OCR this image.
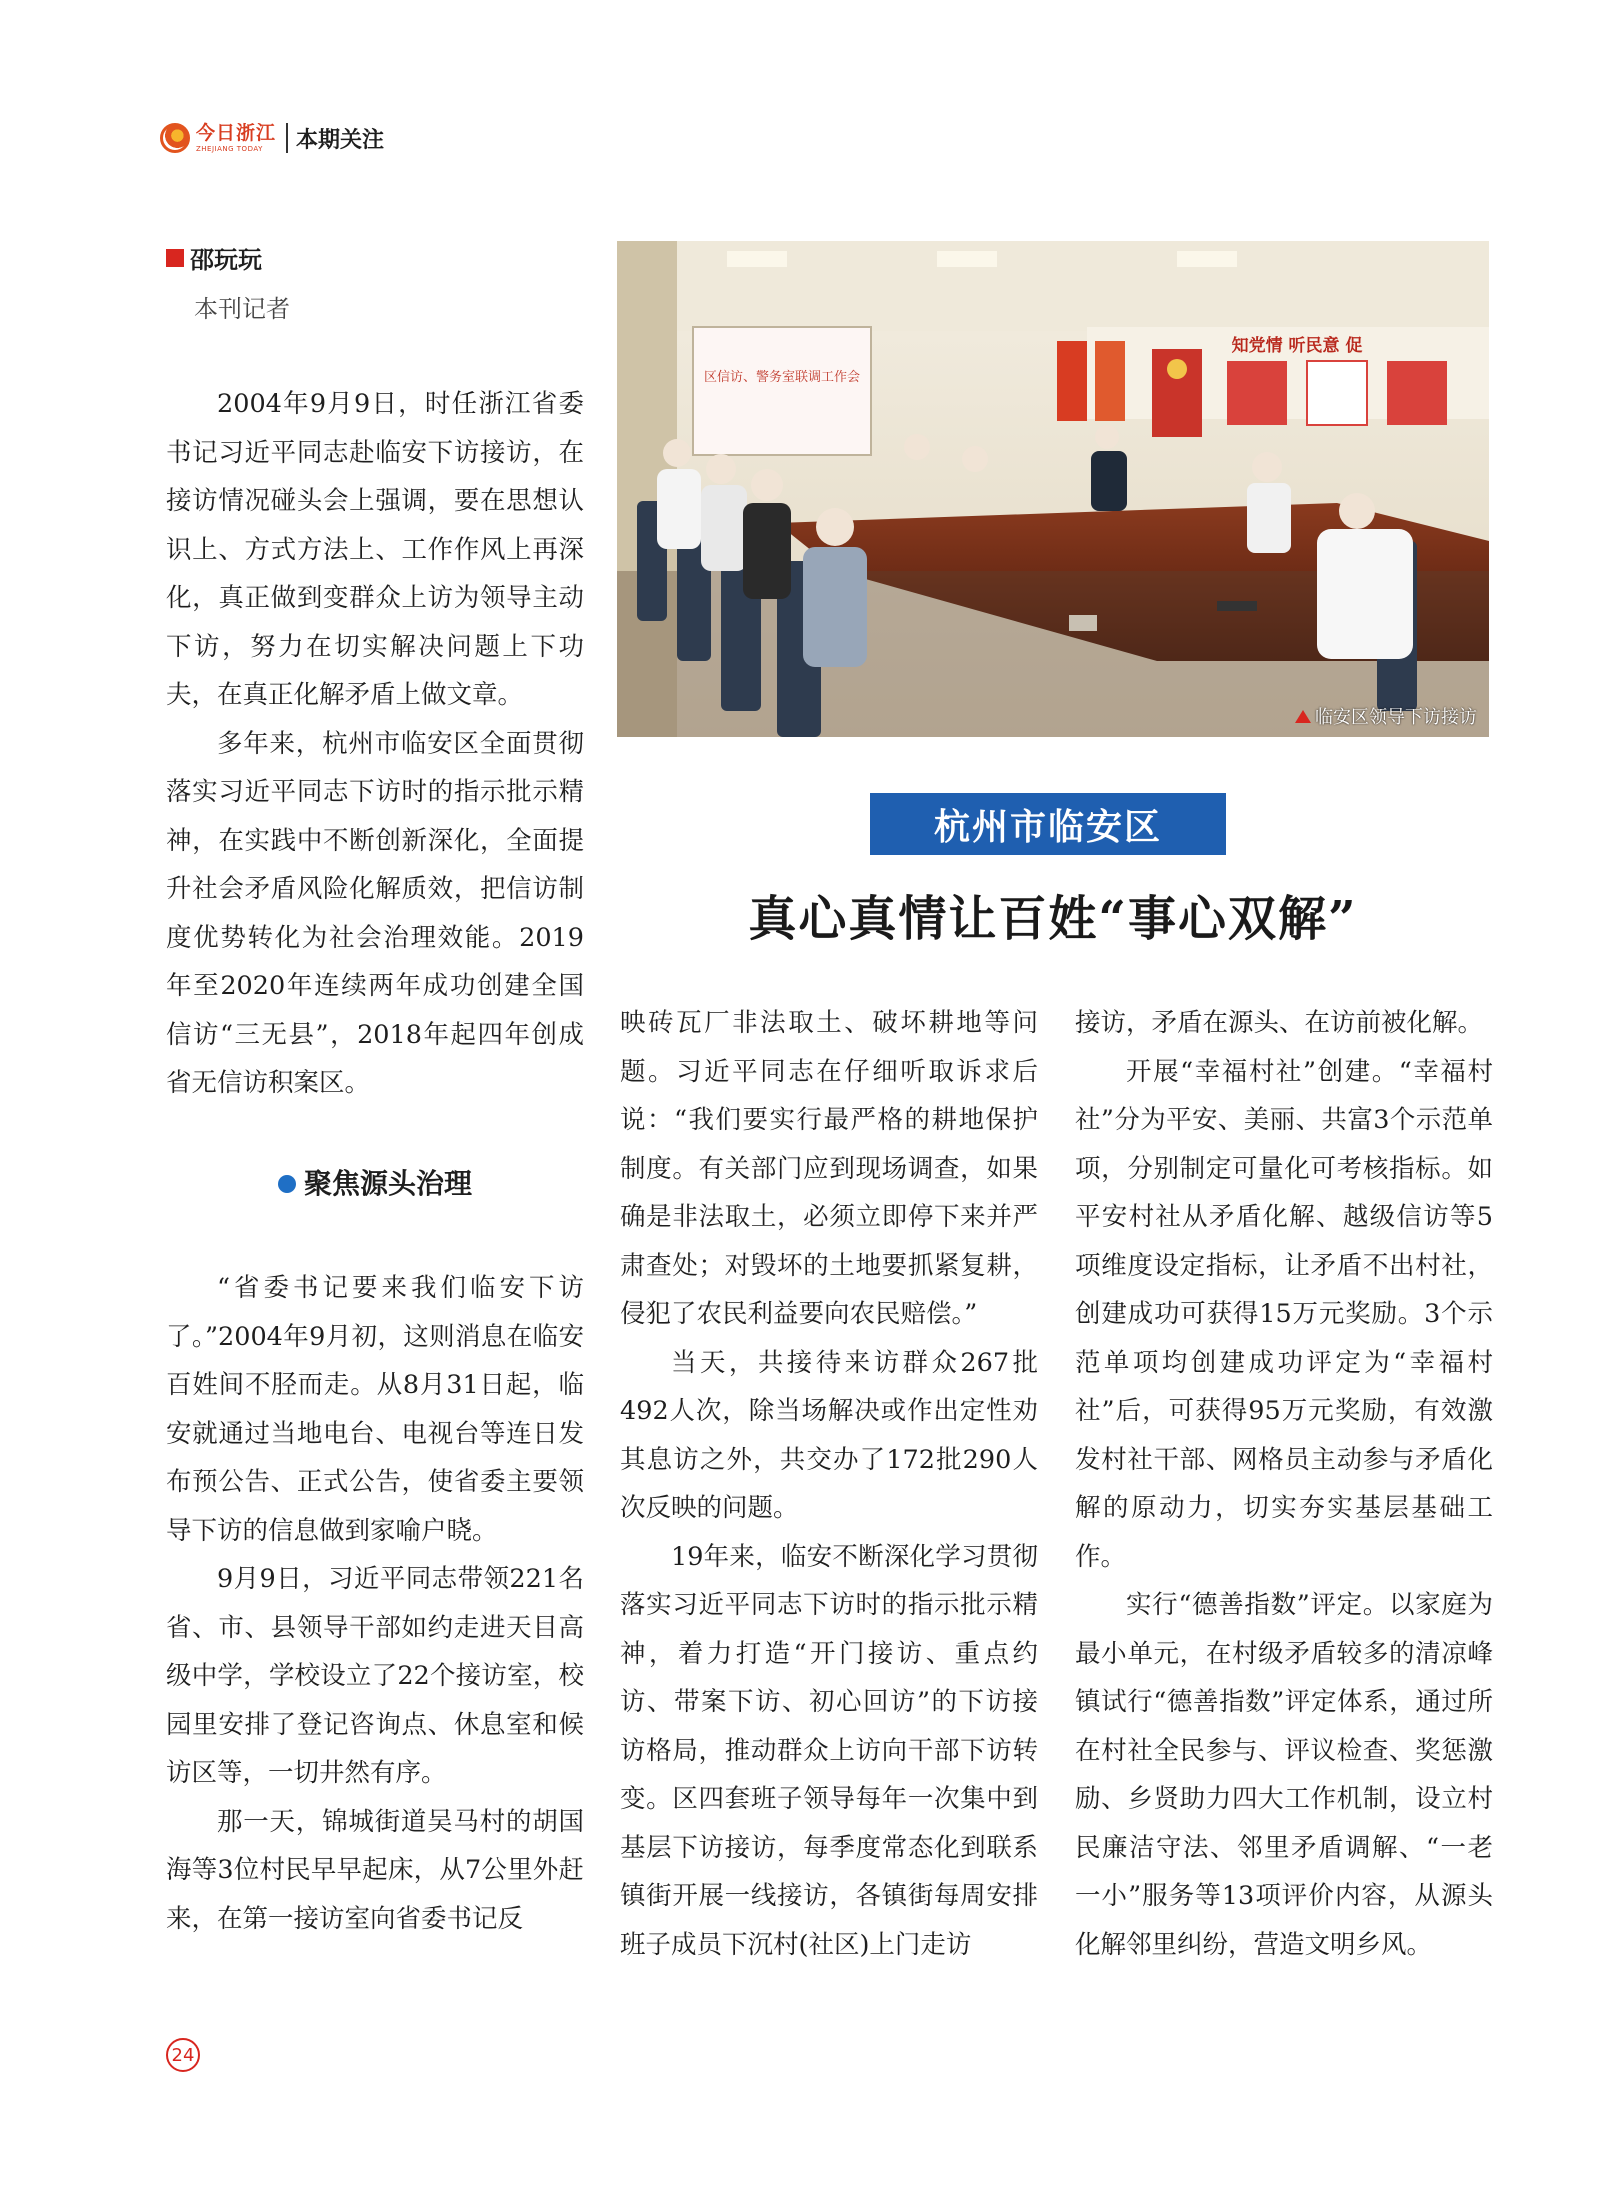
今日浙江
ZHEJIANG TODAY	本期关注
邵玩玩
本刊记者

2004年9月9日，时任浙江省委书记习近平同志赴临安下访接访，在接访情况碰头会上强调，要在思想认识上、方式方法上、工作作风上再深化，真正做到变群众上访为领导主动下访，努力在切实解决问题上下功夫，在真正化解矛盾上做文章。

多年来，杭州市临安区全面贯彻落实习近平同志下访时的指示批示精神，在实践中不断创新深化，全面提升社会矛盾风险化解质效，把信访制度优势转化为社会治理效能。2019年至2020年连续两年成功创建全国信访“三无县”，2018年起四年创成省无信访积案区。

聚焦源头治理

“省委书记要来我们临安下访了。”2004年9月初，这则消息在临安百姓间不胫而走。从8月31日起，临安就通过当地电台、电视台等连日发布预公告、正式公告，使省委主要领导下访的信息做到家喻户晓。

9月9日，习近平同志带领221名省、市、县领导干部如约走进天目高级中学，学校设立了22个接访室，校园里安排了登记咨询点、休息室和候访区等，一切井然有序。

那一天，锦城街道吴马村的胡国海等3位村民早早起床，从7公里外赶来，在第一接访室向省委书记反

区信访、警务室联调工作会
知党情 听民意 促
临安区领导下访接访
杭州市临安区
真心真情让百姓“事心双解”

映砖瓦厂非法取土、破坏耕地等问题。习近平同志在仔细听取诉求后说：“我们要实行最严格的耕地保护制度。有关部门应到现场调查，如果确是非法取土，必须立即停下来并严肃查处；对毁坏的土地要抓紧复耕，侵犯了农民利益要向农民赔偿。”

当天，共接待来访群众267批492人次，除当场解决或作出定性劝其息访之外，共交办了172批290人次反映的问题。

19年来，临安不断深化学习贯彻落实习近平同志下访时的指示批示精神，着力打造“开门接访、重点约访、带案下访、初心回访”的下访接访格局，推动群众上访向干部下访转变。区四套班子领导每年一次集中到基层下访接访，每季度常态化到联系镇街开展一线接访，各镇街每周安排班子成员下沉村(社区)上门走访

接访，矛盾在源头、在访前被化解。

开展“幸福村社”创建。“幸福村社”分为平安、美丽、共富3个示范单项，分别制定可量化可考核指标。如平安村社从矛盾化解、越级信访等5项维度设定指标，让矛盾不出村社，创建成功可获得15万元奖励。3个示范单项均创建成功评定为“幸福村社”后，可获得95万元奖励，有效激发村社干部、网格员主动参与矛盾化解的原动力，切实夯实基层基础工作。

实行“德善指数”评定。以家庭为最小单元，在村级矛盾较多的清凉峰镇试行“德善指数”评定体系，通过所在村社全民参与、评议检查、奖惩激励、乡贤助力四大工作机制，设立村民廉洁守法、邻里矛盾调解、“一老一小”服务等13项评价内容，从源头化解邻里纠纷，营造文明乡风。

24
